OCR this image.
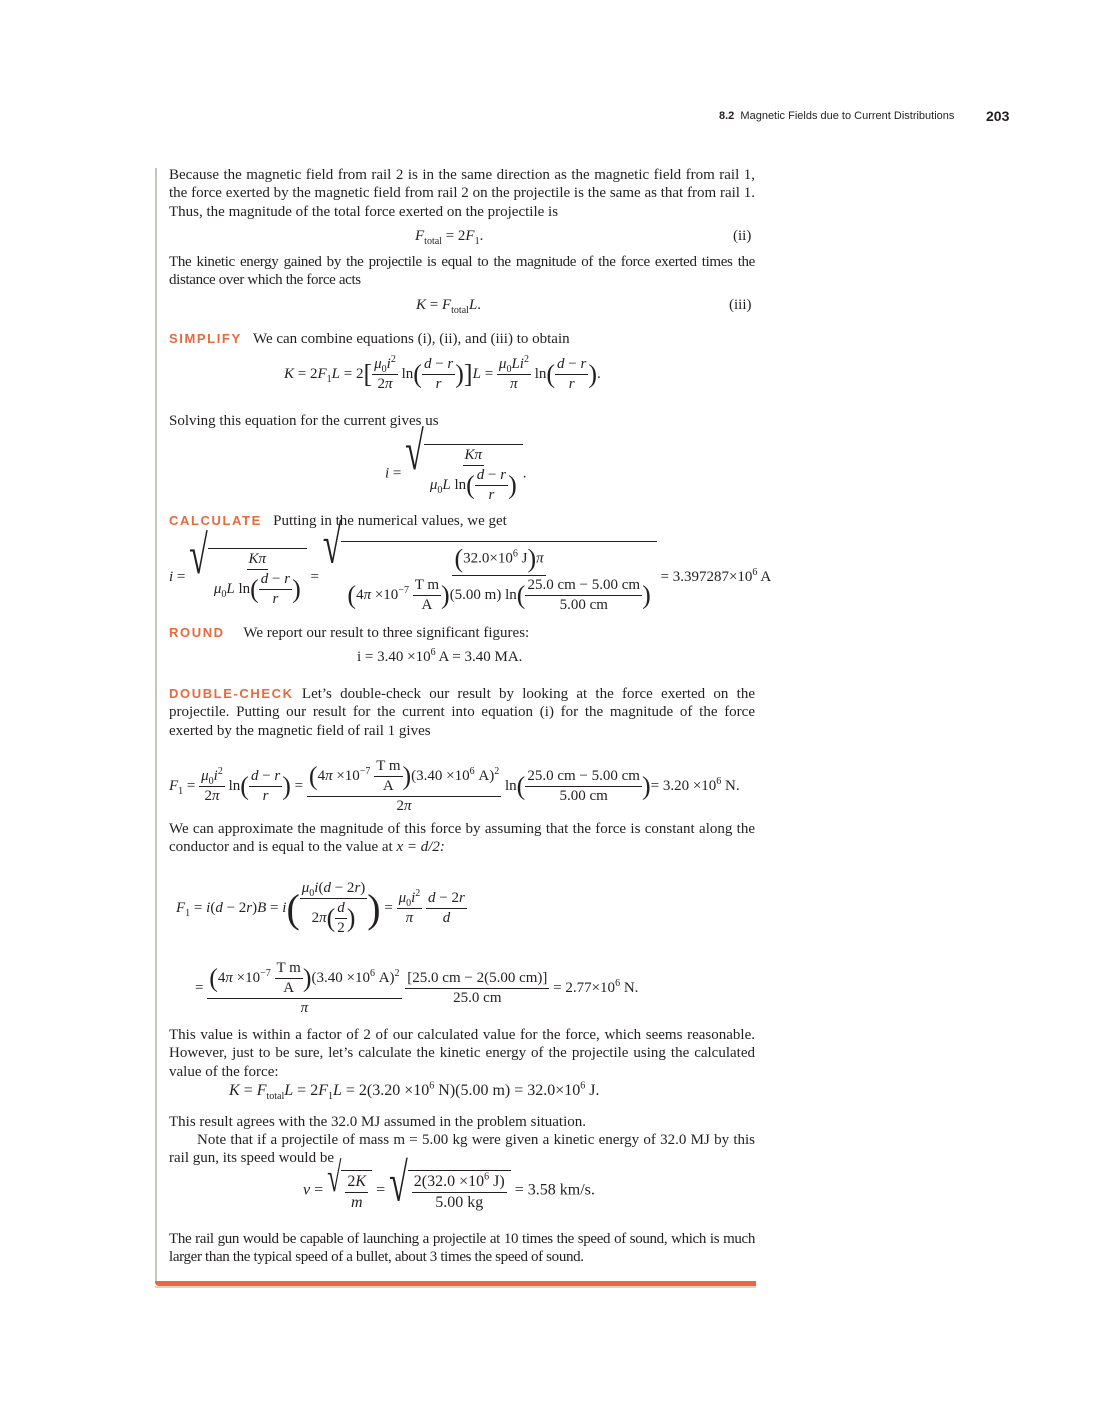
8.2 Magnetic Fields due to Current Distributions 203
Because the magnetic field from rail 2 is in the same direction as the magnetic field from rail 1, the force exerted by the magnetic field from rail 2 on the projectile is the same as that from rail 1. Thus, the magnitude of the total force exerted on the projectile is
$F_{total} = 2F_1$.	(ii)
The kinetic energy gained by the projectile is equal to the magnitude of the force exerted times the distance over which the force acts
$K = F_{total}L$.	(iii)
SIMPLIFY We can combine equations (i), (ii), and (iii) to obtain
$K = 2F_1L = 2[ \frac{\mu_0i^2}{2\pi} \ln( \frac{d - r}{r} )]L = \frac{\mu_0Li^2}{\pi} \ln( \frac{d - r}{r}$ ).
Solving this equation for the current gives us
i = √ $\frac{K\pi}{\mu_0L \ln( \frac{d - r}{r} )}$ .
CALCULATE Putting in the numerical values, we get
i = √ $\frac{K\pi}{\mu_0L \ln( \frac{d - r}{r} )}$ =
√ $\frac{(32.0\times 10^6 J)\pi}{(4\pi \times 10^{-7} \frac{\text{T m}}{A} )(5.00 m) \ln( \frac{25.0 cm - 5.00 cm}{5.00 cm} )} = 3.397287\times 10^6$ A
ROUND We report our result to three significant figures:
$i = 3.40 \times 10^6$ A = 3.40 MA.
DOUBLE-CHECK Let’s double-check our result by looking at the force exerted on the projectile. Putting our result for the current into equation (i) for the magnitude of the force exerted by the magnetic field of rail 1 gives
$F_1 = \frac{\mu_0i^2}{2\pi} \ln( \frac{d - r}{r}$ ) = $\frac{(4\pi \times 10^{-7} \frac{\text{T m}}{A} )(3.40 \times 10^6 A)^2}{2\pi} \ln( \frac{25.0 cm - 5.00 cm}{5.00 cm}$ )= $3.20 \times 10^6$ N.
We can approximate the magnitude of this force by assuming that the force is constant along the conductor and is equal to the value at x = d/2:
$F_1 = i(d - 2r)B = i( \frac{\mu_0i(d - 2r)}{2\pi( \frac{d}{2} )}$ ) = $\frac{\mu_0i^2}{\pi}$
$\frac{d - 2r}{d}$
= $\frac{(4\pi \times 10^{-7} \frac{\text{T m}}{A} )(3.40 \times 10^6 A)^2}{\pi}$
$\frac{[25.0 cm - 2(5.00 cm)]}{25.0 cm} = 2.77\times 10^6$ N.
This value is within a factor of 2 of our calculated value for the force, which seems reasonable. However, just to be sure, let’s calculate the kinetic energy of the projectile using the calculated value of the force:
$K = F_{total}L = 2F_1L = 2(3.20 \times 10^6$ N)(5.00 $m) = 32.0\times 10^6$ J.
This result agrees with the 32.0 MJ assumed in the problem situation.
Note that if a projectile of mass m = 5.00 kg were given a kinetic energy of 32.0 MJ by this rail gun, its speed would be
v = √ $\frac{2K}{m}$ = √ $\frac{2(32.0 \times 10^6 J)}{5.00 kg} = 3.58$ km/s.
The rail gun would be capable of launching a projectile at 10 times the speed of sound, which is much larger than the typical speed of a bullet, about 3 times the speed of sound.
